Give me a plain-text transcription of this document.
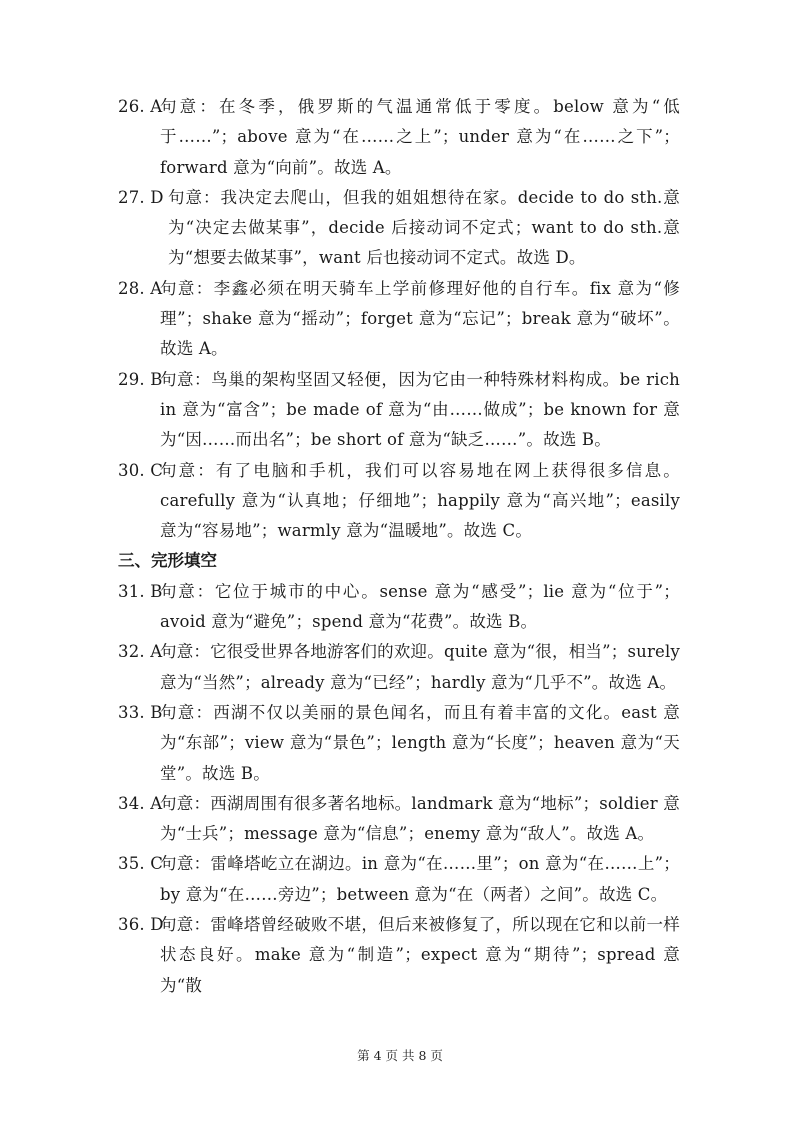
26. A
句意：在冬季，俄罗斯的气温通常低于零度。below 意为“低于……”；above 意为“在……之上”；under 意为“在……之下”；forward 意为“向前”。故选 A。
27. D 句意：我决定去爬山，但我的姐姐想待在家。decide to do sth.意为“决定去做某事”，decide 后接动词不定式；want to do sth.意为“想要去做某事”，want 后也接动词不定式。故选 D。
28. A
句意：李鑫必须在明天骑车上学前修理好他的自行车。fix 意为“修理”；shake 意为“摇动”；forget 意为“忘记”；break 意为“破坏”。故选 A。
29. B
句意：鸟巢的架构坚固又轻便，因为它由一种特殊材料构成。be rich in 意为“富含”；be made of 意为“由……做成”；be known for 意为“因……而出名”；be short of 意为“缺乏……”。故选 B。
30. C
句意：有了电脑和手机，我们可以容易地在网上获得很多信息。carefully 意为“认真地；仔细地”；happily 意为“高兴地”；easily 意为“容易地”；warmly 意为“温暖地”。故选 C。
三、完形填空
31. B
句意：它位于城市的中心。sense 意为“感受”；lie 意为“位于”；avoid 意为“避免”；spend 意为“花费”。故选 B。
32. A
句意：它很受世界各地游客们的欢迎。quite 意为“很，相当”；surely 意为“当然”；already 意为“已经”；hardly 意为“几乎不”。故选 A。
33. B
句意：西湖不仅以美丽的景色闻名，而且有着丰富的文化。east 意为“东部”；view 意为“景色”；length 意为“长度”；heaven 意为“天堂”。故选 B。
34. A
句意：西湖周围有很多著名地标。landmark 意为“地标”；soldier 意为“士兵”；message 意为“信息”；enemy 意为“敌人”。故选 A。
35. C
句意：雷峰塔屹立在湖边。in 意为“在……里”；on 意为“在……上”；by 意为“在……旁边”；between 意为“在（两者）之间”。故选 C。
36. D
句意：雷峰塔曾经破败不堪，但后来被修复了，所以现在它和以前一样状态良好。make 意为“制造”；expect 意为“期待”；spread 意为“散
第 4 页 共 8 页
